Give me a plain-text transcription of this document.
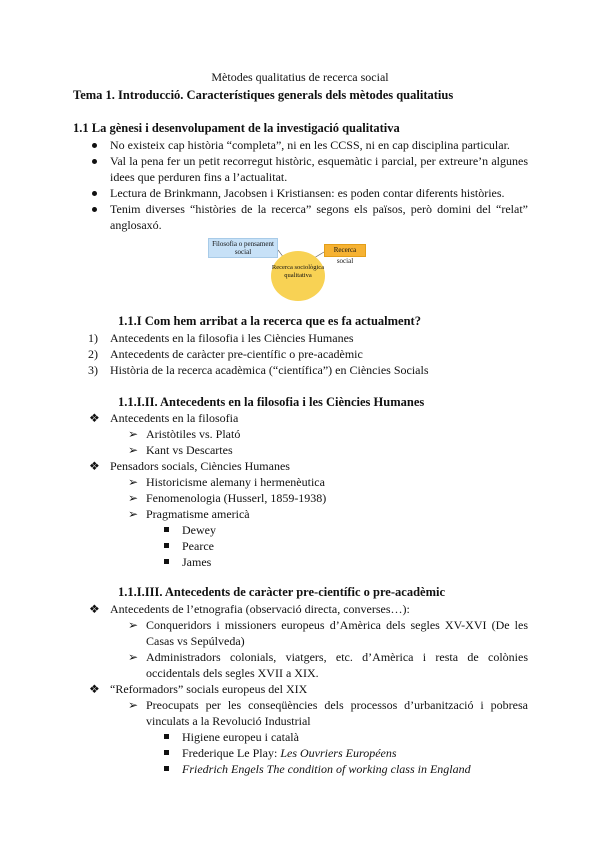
Mètodes qualitatius de recerca social
Tema 1. Introducció. Característiques generals dels mètodes qualitatius
1.1 La gènesi i desenvolupament de la investigació qualitativa
No existeix cap història “completa”, ni en les CCSS, ni en cap disciplina particular.
Val la pena fer un petit recorregut històric, esquemàtic i parcial, per extreure’n algunes idees que perduren fins a l’actualitat.
Lectura de Brinkmann, Jacobsen i Kristiansen: es poden contar diferents històries.
Tenim diverses “històries de la recerca” segons els països, però domini del “relat” anglosaxó.
Filosofia o pensament social	Recerca social
Recerca sociològica qualitativa
1.1.I Com hem arribat a la recerca que es fa actualment?
1) Antecedents en la filosofia i les Ciències Humanes
2) Antecedents de caràcter pre-científic o pre-acadèmic
3) Història de la recerca acadèmica (“científica”) en Ciències Socials
1.1.I.II. Antecedents en la filosofia i les Ciències Humanes
❖ Antecedents en la filosofia
➢ Aristòtiles vs. Plató
➢ Kant vs Descartes
❖ Pensadors socials, Ciències Humanes
➢ Historicisme alemany i hermenèutica
➢ Fenomenologia (Husserl, 1859-1938)
➢ Pragmatisme americà
Dewey
Pearce
James
1.1.I.III. Antecedents de caràcter pre-científic o pre-acadèmic
❖ Antecedents de l’etnografia (observació directa, converses…):
➢ Conqueridors i missioners europeus d’Amèrica dels segles XV-XVI (De les Casas vs Sepúlveda)
➢ Administradors colonials, viatgers, etc. d’Amèrica i resta de colònies occidentals dels segles XVII a XIX.
❖ “Reformadors” socials europeus del XIX
➢ Preocupats per les conseqüències dels processos d’urbanització i pobresa vinculats a la Revolució Industrial
Higiene europeu i català
Frederique Le Play: Les Ouvriers Européens
Friedrich Engels The condition of working class in England
